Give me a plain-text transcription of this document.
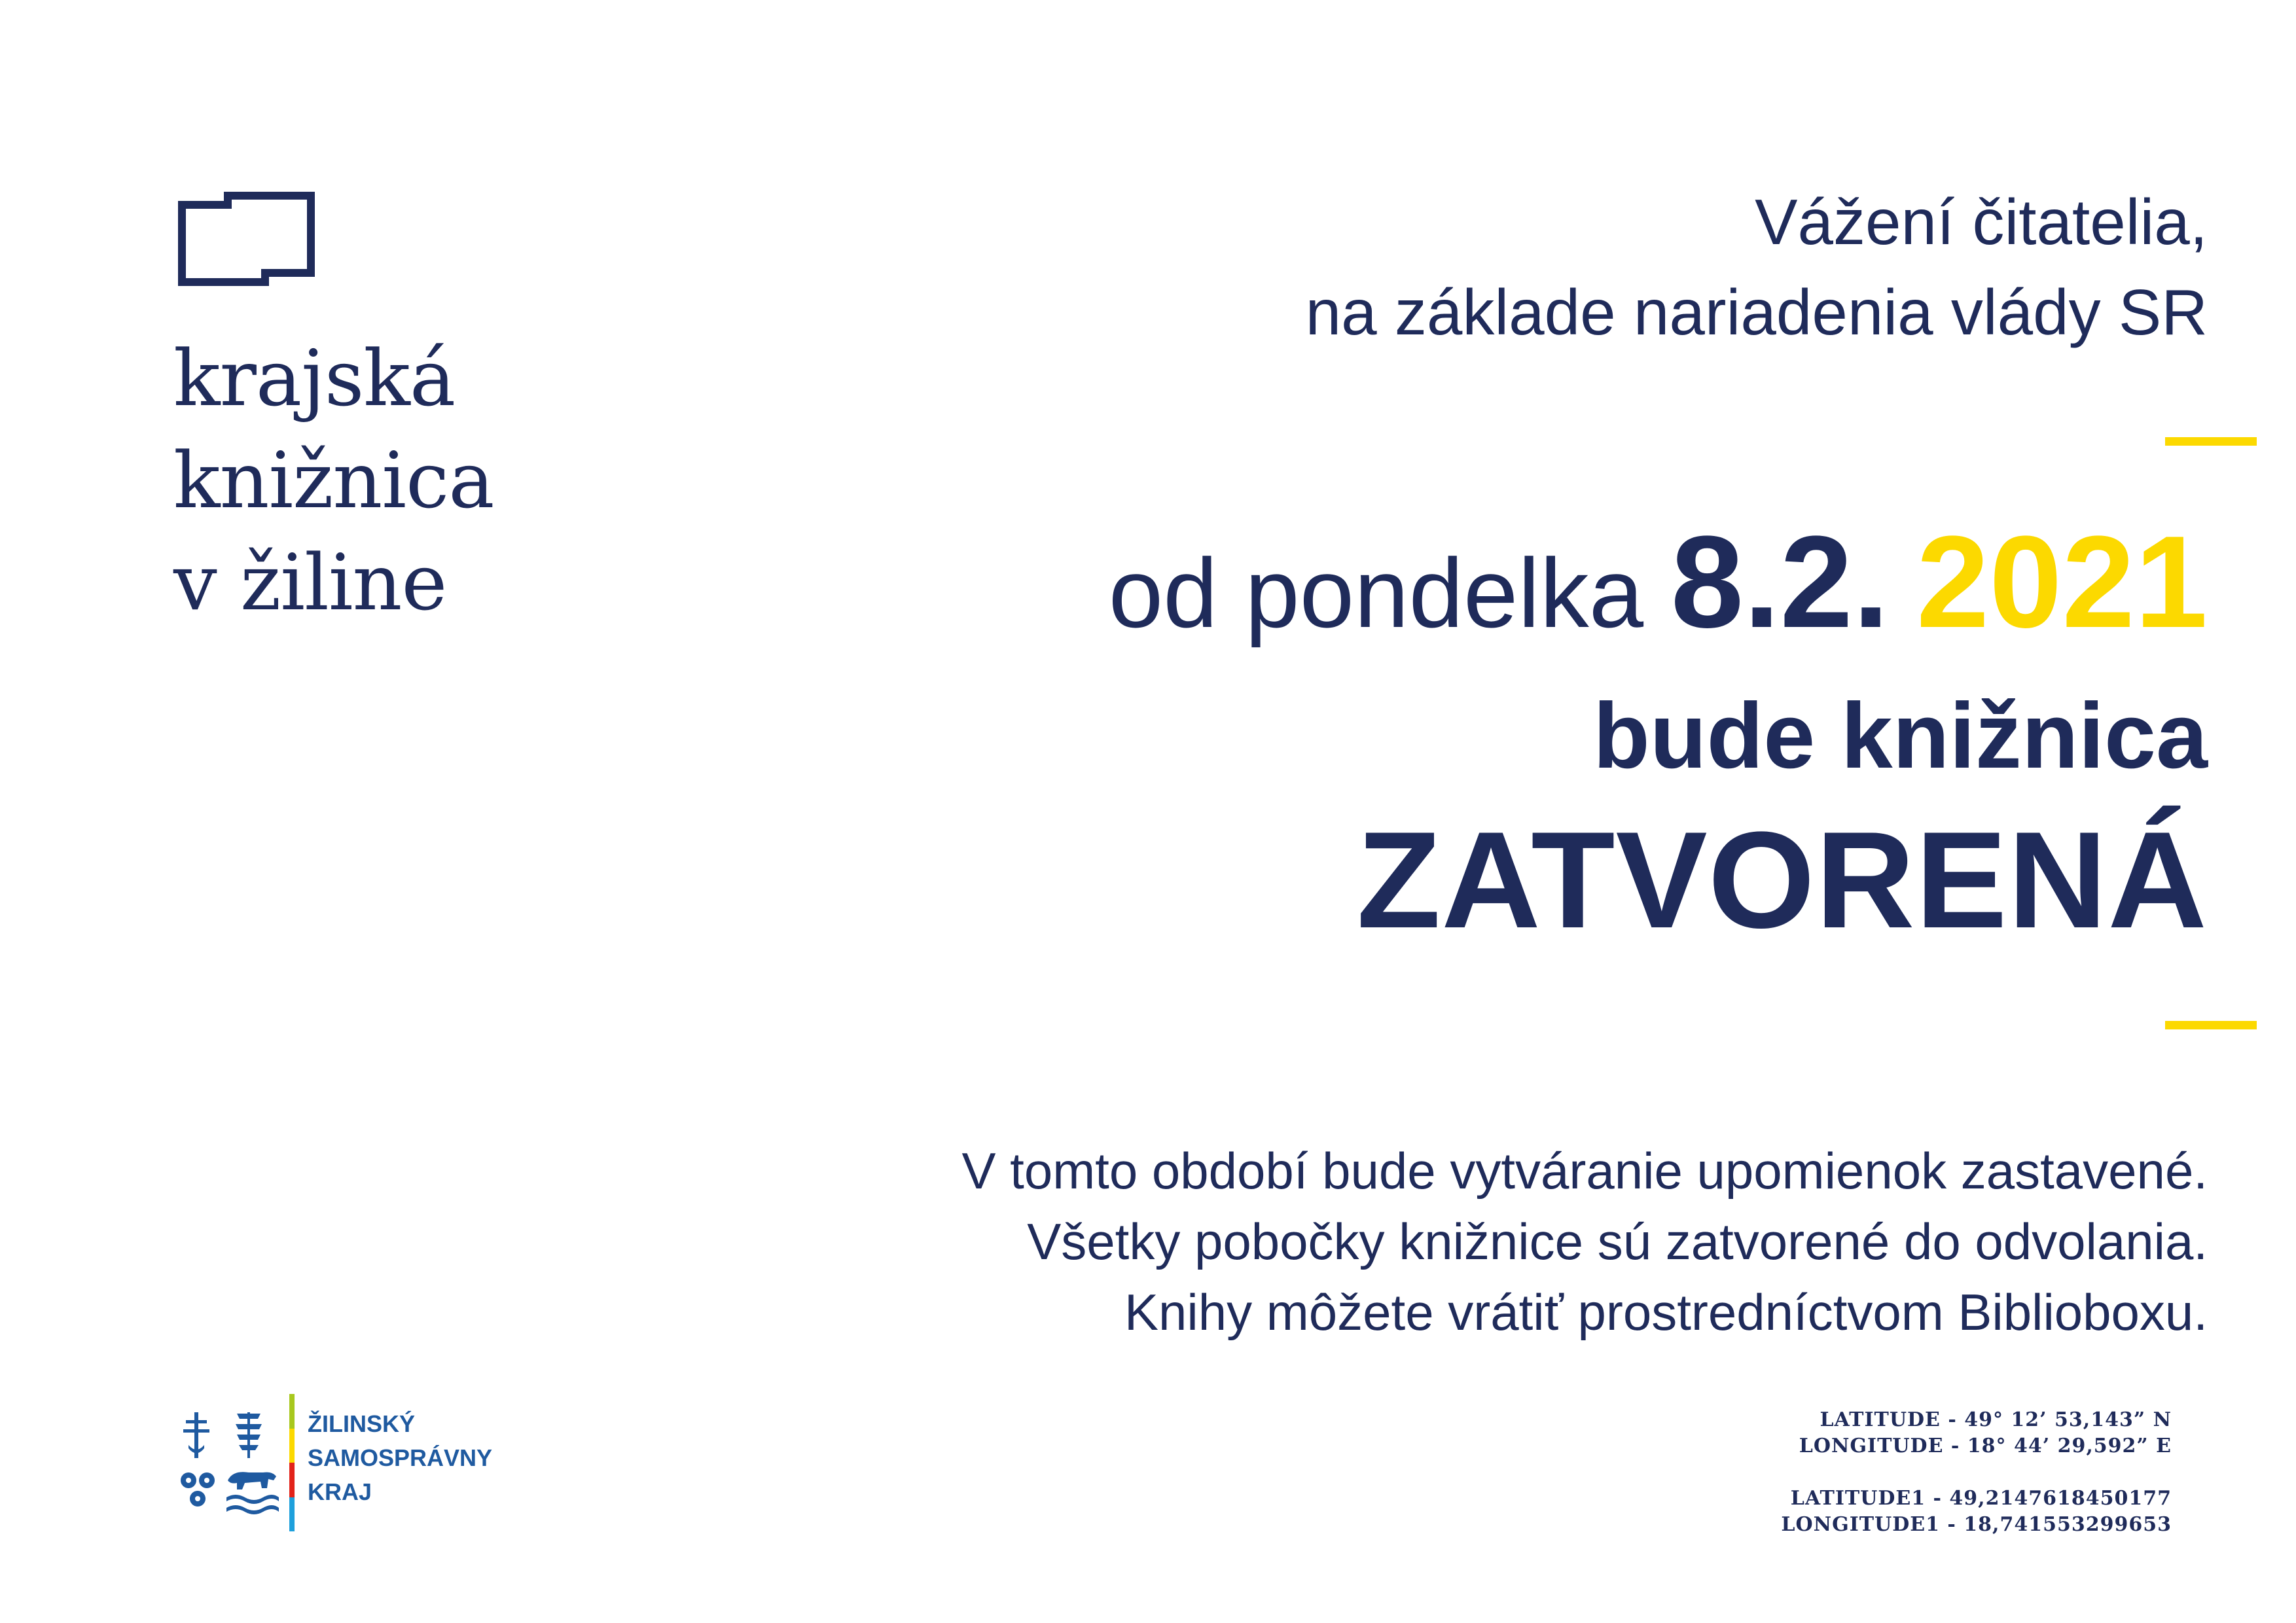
krajská
knižnica
v žiline
Vážení čitatelia,
na základe nariadenia vlády SR
od pondelka 8.2. 2021
bude knižnica
ZATVORENÁ
V tomto období bude vytváranie upomienok zastavené.
Všetky pobočky knižnice sú zatvorené do odvolania.
Knihy môžete vrátiť prostredníctvom Biblioboxu.
LATITUDE - 49° 12’ 53,143” N
LONGITUDE - 18° 44’ 29,592” E
LATITUDE1 - 49,2147618450177
LONGITUDE1 - 18,741553299653
ŽILINSKÝ
SAMOSPRÁVNY
KRAJ
